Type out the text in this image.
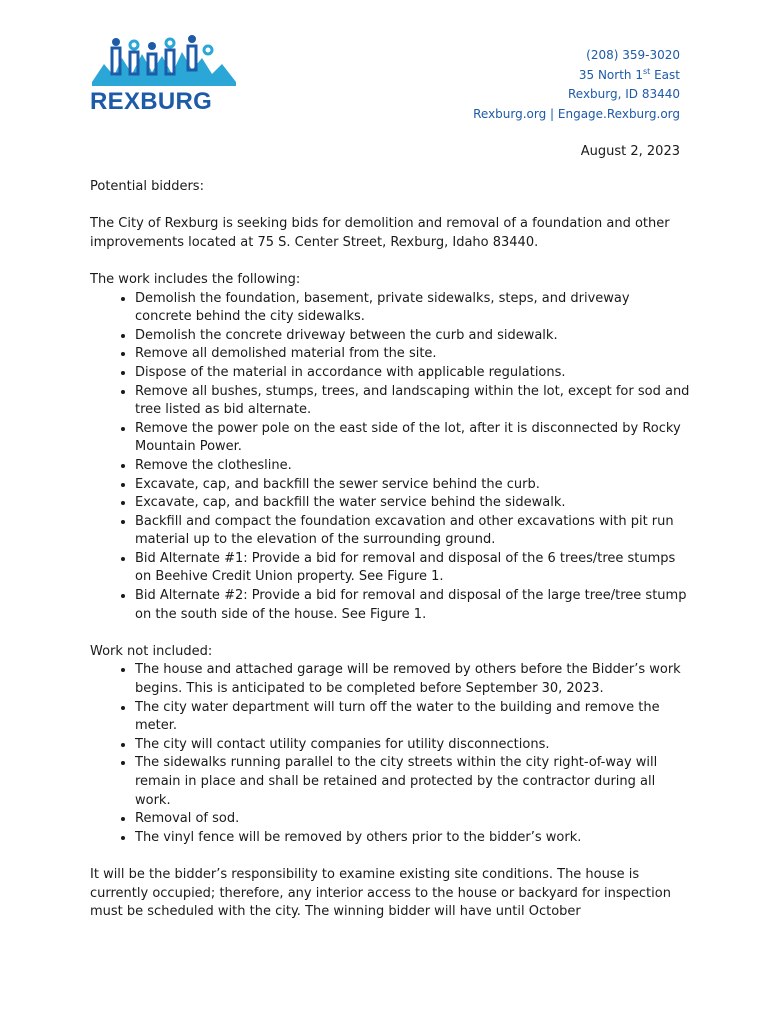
REXBURG
(208) 359-3020
35 North 1st East
Rexburg, ID 83440
Rexburg.org | Engage.Rexburg.org
August 2, 2023

Potential bidders:

The City of Rexburg is seeking bids for demolition and removal of a foundation and other improvements located at 75 S. Center Street, Rexburg, Idaho 83440.

The work includes the following:
• Demolish the foundation, basement, private sidewalks, steps, and driveway concrete behind the city sidewalks.
• Demolish the concrete driveway between the curb and sidewalk.
• Remove all demolished material from the site.
• Dispose of the material in accordance with applicable regulations.
• Remove all bushes, stumps, trees, and landscaping within the lot, except for sod and tree listed as bid alternate.
• Remove the power pole on the east side of the lot, after it is disconnected by Rocky Mountain Power.
• Remove the clothesline.
• Excavate, cap, and backfill the sewer service behind the curb.
• Excavate, cap, and backfill the water service behind the sidewalk.
• Backfill and compact the foundation excavation and other excavations with pit run material up to the elevation of the surrounding ground.
• Bid Alternate #1: Provide a bid for removal and disposal of the 6 trees/tree stumps on Beehive Credit Union property. See Figure 1.
• Bid Alternate #2: Provide a bid for removal and disposal of the large tree/tree stump on the south side of the house. See Figure 1.
Work not included:
• The house and attached garage will be removed by others before the Bidder’s work begins. This is anticipated to be completed before September 30, 2023.
• The city water department will turn off the water to the building and remove the meter.
• The city will contact utility companies for utility disconnections.
• The sidewalks running parallel to the city streets within the city right-of-way will remain in place and shall be retained and protected by the contractor during all work.
• Removal of sod.
• The vinyl fence will be removed by others prior to the bidder’s work.

It will be the bidder’s responsibility to examine existing site conditions. The house is currently occupied; therefore, any interior access to the house or backyard for inspection must be scheduled with the city. The winning bidder will have until October
